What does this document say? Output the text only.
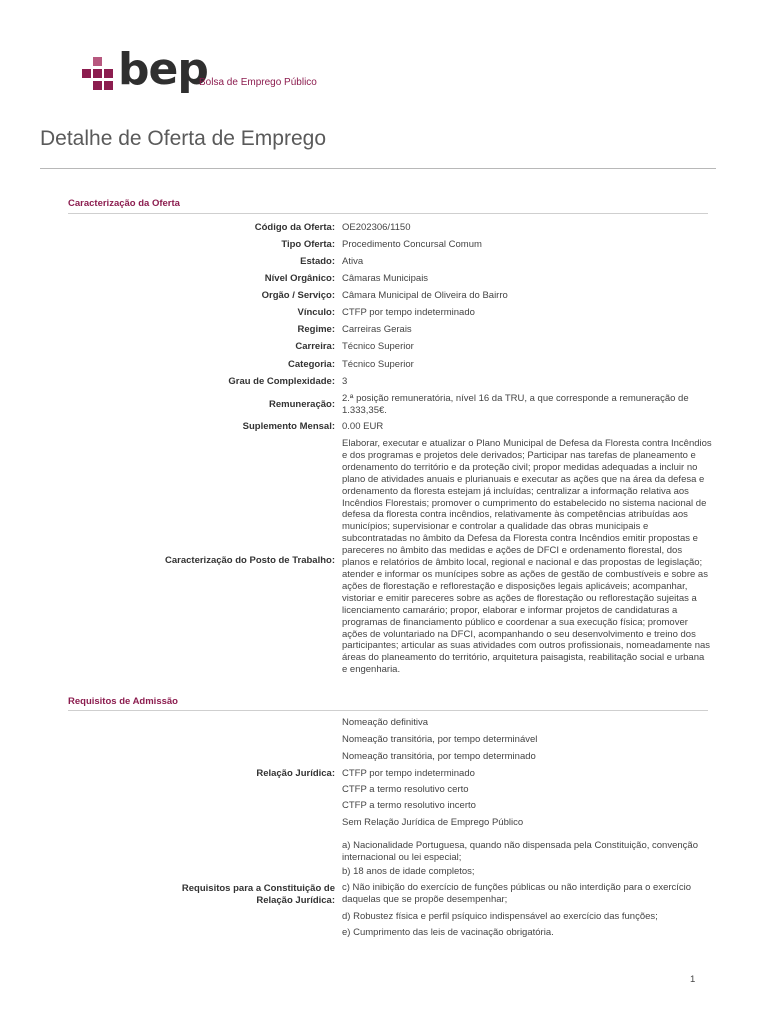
bep
Bolsa de Emprego Público
Detalhe de Oferta de Emprego
Caracterização da Oferta
Código da Oferta: OE202306/1150
Tipo Oferta: Procedimento Concursal Comum
Estado: Ativa
Nível Orgânico: Câmaras Municipais
Orgão / Serviço: Câmara Municipal de Oliveira do Bairro
Vínculo: CTFP por tempo indeterminado
Regime: Carreiras Gerais
Carreira: Técnico Superior
Categoria: Técnico Superior
Grau de Complexidade: 3
Remuneração:
2.ª posição remuneratória, nível 16 da TRU, a que corresponde a remuneração de 1.333,35€.
Suplemento Mensal: 0.00 EUR
Caracterização do Posto de Trabalho:
Elaborar, executar e atualizar o Plano Municipal de Defesa da Floresta contra Incêndios e dos programas e projetos dele derivados; Participar nas tarefas de planeamento e ordenamento do território e da proteção civil; propor medidas adequadas a incluir no plano de atividades anuais e plurianuais e executar as ações que na área da defesa e ordenamento da floresta estejam já incluídas; centralizar a informação relativa aos Incêndios Florestais; promover o cumprimento do estabelecido no sistema nacional de defesa da floresta contra incêndios, relativamente às competências atribuídas aos municípios; supervisionar e controlar a qualidade das obras municipais e subcontratadas no âmbito da Defesa da Floresta contra Incêndios emitir propostas e pareceres no âmbito das medidas e ações de DFCI e ordenamento florestal, dos planos e relatórios de âmbito local, regional e nacional e das propostas de legislação; atender e informar os munícipes sobre as ações de gestão de combustíveis e sobre as ações de florestação e reflorestação e disposições legais aplicáveis; acompanhar, vistoriar e emitir pareceres sobre as ações de florestação ou reflorestação sujeitas a licenciamento camarário; propor, elaborar e informar projetos de candidaturas a programas de financiamento público e coordenar a sua execução física; promover ações de voluntariado na DFCI, acompanhando o seu desenvolvimento e treino dos participantes; articular as suas atividades com outros profissionais, nomeadamente nas áreas do planeamento do território, arquitetura paisagista, reabilitação social e urbana e engenharia.
Requisitos de Admissão
Relação Jurídica:
Nomeação definitiva
Nomeação transitória, por tempo determinável
Nomeação transitória, por tempo determinado
CTFP por tempo indeterminado
CTFP a termo resolutivo certo
CTFP a termo resolutivo incerto
Sem Relação Jurídica de Emprego Público
Requisitos para a Constituição de
Relação Jurídica:
a) Nacionalidade Portuguesa, quando não dispensada pela Constituição, convenção internacional ou lei especial;
b) 18 anos de idade completos;
c) Não inibição do exercício de funções públicas ou não interdição para o exercício daquelas que se propõe desempenhar;
d) Robustez física e perfil psíquico indispensável ao exercício das funções;
e) Cumprimento das leis de vacinação obrigatória.
1
